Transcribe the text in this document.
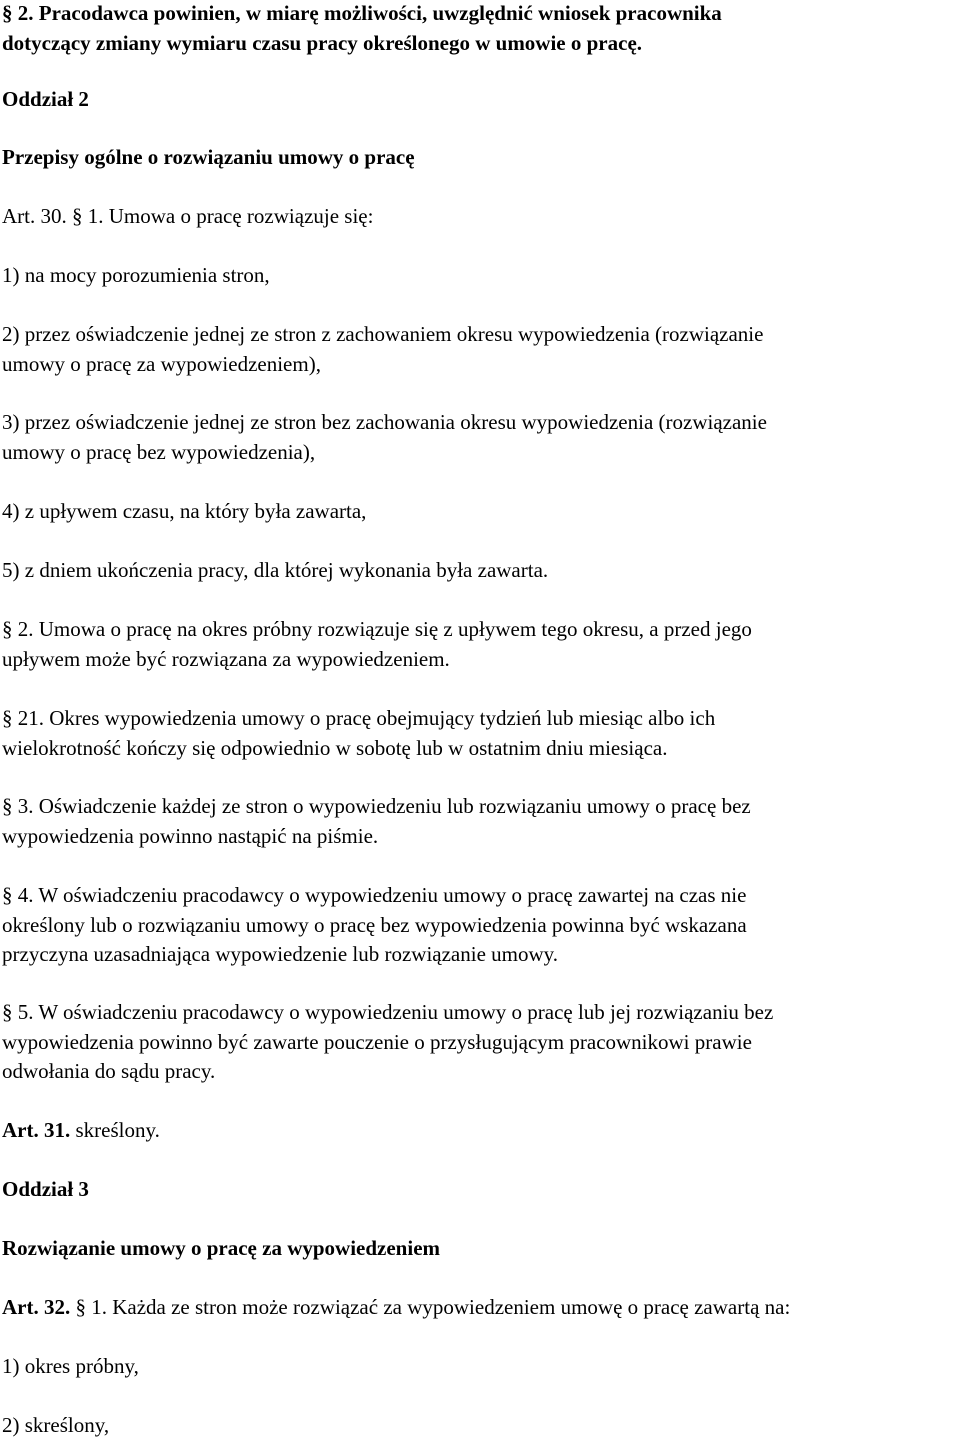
§ 2. Pracodawca powinien, w miarę możliwości, uwzględnić wniosek pracownika
dotyczący zmiany wymiaru czasu pracy określonego w umowie o pracę.

Oddział 2

Przepisy ogólne o rozwiązaniu umowy o pracę

Art. 30. § 1. Umowa o pracę rozwiązuje się:

1) na mocy porozumienia stron,

2) przez oświadczenie jednej ze stron z zachowaniem okresu wypowiedzenia (rozwiązanie
umowy o pracę za wypowiedzeniem),

3) przez oświadczenie jednej ze stron bez zachowania okresu wypowiedzenia (rozwiązanie
umowy o pracę bez wypowiedzenia),

4) z upływem czasu, na który była zawarta,

5) z dniem ukończenia pracy, dla której wykonania była zawarta.

§ 2. Umowa o pracę na okres próbny rozwiązuje się z upływem tego okresu, a przed jego
upływem może być rozwiązana za wypowiedzeniem.

§ 21. Okres wypowiedzenia umowy o pracę obejmujący tydzień lub miesiąc albo ich
wielokrotność kończy się odpowiednio w sobotę lub w ostatnim dniu miesiąca.

§ 3. Oświadczenie każdej ze stron o wypowiedzeniu lub rozwiązaniu umowy o pracę bez
wypowiedzenia powinno nastąpić na piśmie.

§ 4. W oświadczeniu pracodawcy o wypowiedzeniu umowy o pracę zawartej na czas nie
określony lub o rozwiązaniu umowy o pracę bez wypowiedzenia powinna być wskazana
przyczyna uzasadniająca wypowiedzenie lub rozwiązanie umowy.

§ 5. W oświadczeniu pracodawcy o wypowiedzeniu umowy o pracę lub jej rozwiązaniu bez
wypowiedzenia powinno być zawarte pouczenie o przysługującym pracownikowi prawie
odwołania do sądu pracy.

Art. 31. skreślony.

Oddział 3

Rozwiązanie umowy o pracę za wypowiedzeniem

Art. 32. § 1. Każda ze stron może rozwiązać za wypowiedzeniem umowę o pracę zawartą na:

1) okres próbny,

2) skreślony,
